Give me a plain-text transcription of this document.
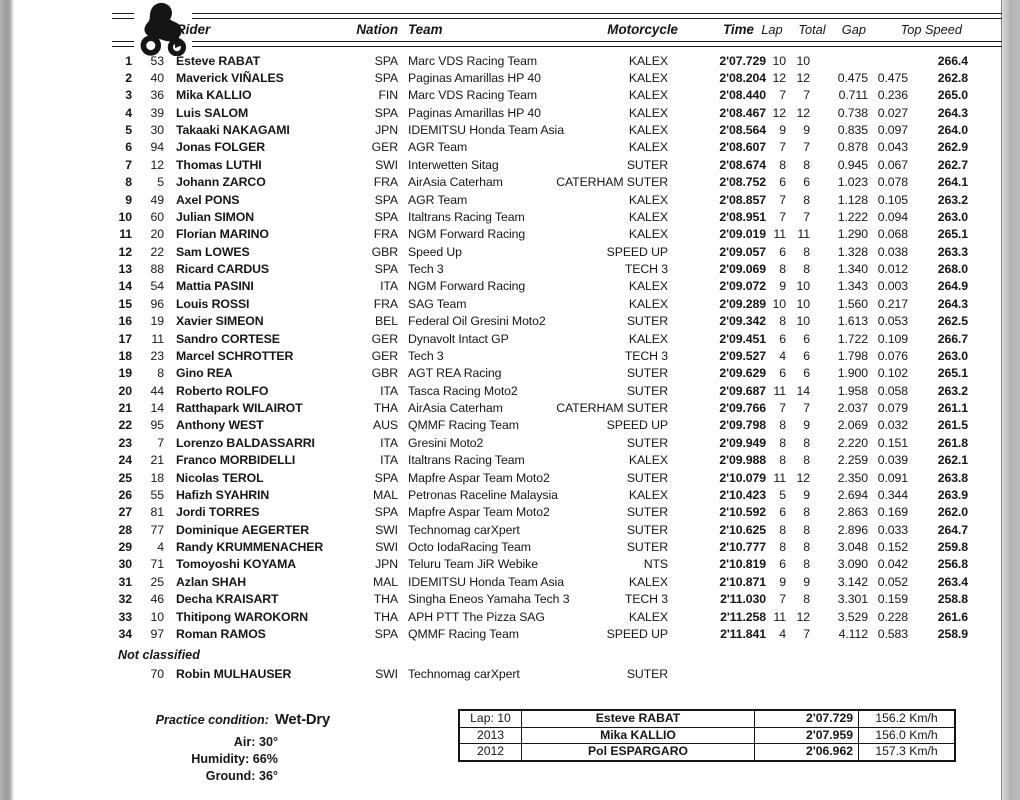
Rider	Nation Team	Motorcycle	Time Lap	Total	Gap	Top Speed
1	53 Esteve RABAT	SPA Marc VDS Racing Team	KALEX	2'07.729 10 10	266.4
2	40 Maverick VIÑALES	SPA Paginas Amarillas HP 40	KALEX	2'08.204 12 12	0.475 0.475	262.8
3	36 Mika KALLIO	FIN Marc VDS Racing Team	KALEX	2'08.440	7	7	0.711 0.236	265.0
4	39 Luis SALOM	SPA Paginas Amarillas HP 40	KALEX	2'08.467 12 12	0.738 0.027	264.3
5	30 Takaaki NAKAGAMI	JPN IDEMITSU Honda Team Asia	KALEX	2'08.564	9	9	0.835 0.097	264.0
6	94 Jonas FOLGER	GER AGR Team	KALEX	2'08.607	7	7	0.878 0.043	262.9
7	12 Thomas LUTHI	SWI Interwetten Sitag	SUTER	2'08.674	8	8	0.945 0.067	262.7
8	5 Johann ZARCO	FRA AirAsia Caterham	CATERHAM SUTER	2'08.752	6	6	1.023 0.078	264.1
9	49 Axel PONS	SPA AGR Team	KALEX	2'08.857	7	8	1.128 0.105	263.2
10	60 Julian SIMON	SPA Italtrans Racing Team	KALEX	2'08.951	7	7	1.222 0.094	263.0
11	20 Florian MARINO	FRA NGM Forward Racing	KALEX	2'09.019 11 11	1.290 0.068	265.1
12	22 Sam LOWES	GBR Speed Up	SPEED UP	2'09.057	6	8	1.328 0.038	263.3
13	88 Ricard CARDUS	SPA Tech 3	TECH 3	2'09.069	8	8	1.340 0.012	268.0
14	54 Mattia PASINI	ITA NGM Forward Racing	KALEX	2'09.072	9 10	1.343 0.003	264.9
15	96 Louis ROSSI	FRA SAG Team	KALEX	2'09.289 10 10	1.560 0.217	264.3
16	19 Xavier SIMEON	BEL Federal Oil Gresini Moto2	SUTER	2'09.342	8 10	1.613 0.053	262.5
17	11 Sandro CORTESE	GER Dynavolt Intact GP	KALEX	2'09.451	6	6	1.722 0.109	266.7
18	23 Marcel SCHROTTER	GER Tech 3	TECH 3	2'09.527	4	6	1.798 0.076	263.0
19	8 Gino REA	GBR AGT REA Racing	SUTER	2'09.629	6	6	1.900 0.102	265.1
20	44 Roberto ROLFO	ITA Tasca Racing Moto2	SUTER	2'09.687 11 14	1.958 0.058	263.2
21	14 Ratthapark WILAIROT	THA AirAsia Caterham	CATERHAM SUTER	2'09.766	7	7	2.037 0.079	261.1
22	95 Anthony WEST	AUS QMMF Racing Team	SPEED UP	2'09.798	8	9	2.069 0.032	261.5
23	7 Lorenzo BALDASSARRI	ITA Gresini Moto2	SUTER	2'09.949	8	8	2.220 0.151	261.8
24	21 Franco MORBIDELLI	ITA Italtrans Racing Team	KALEX	2'09.988	8	8	2.259 0.039	262.1
25	18 Nicolas TEROL	SPA Mapfre Aspar Team Moto2	SUTER	2'10.079 11 12	2.350 0.091	263.8
26	55 Hafizh SYAHRIN	MAL Petronas Raceline Malaysia	KALEX	2'10.423	5	9	2.694 0.344	263.9
27	81 Jordi TORRES	SPA Mapfre Aspar Team Moto2	SUTER	2'10.592	6	8	2.863 0.169	262.0
28	77 Dominique AEGERTER	SWI Technomag carXpert	SUTER	2'10.625	8	8	2.896 0.033	264.7
29	4 Randy KRUMMENACHER	SWI Octo IodaRacing Team	SUTER	2'10.777	8	8	3.048 0.152	259.8
30	71 Tomoyoshi KOYAMA	JPN Teluru Team JiR Webike	NTS	2'10.819	6	8	3.090 0.042	256.8
31	25 Azlan SHAH	MAL IDEMITSU Honda Team Asia	KALEX	2'10.871	9	9	3.142 0.052	263.4
32	46 Decha KRAISART	THA Singha Eneos Yamaha Tech 3	TECH 3	2'11.030	7	8	3.301 0.159	258.8
33	10 Thitipong WAROKORN	THA APH PTT The Pizza SAG	KALEX	2'11.258 11 12	3.529 0.228	261.6
34	97 Roman RAMOS	SPA QMMF Racing Team	SPEED UP	2'11.841	4	7	4.112 0.583	258.9
Not classified
70 Robin MULHAUSER	SWI Technomag carXpert	SUTER
Practice condition: Wet-Dry
Air: 30°
Humidity: 66%
Ground: 36°
Lap: 10	Esteve RABAT	2'07.729	156.2 Km/h
2013	Mika KALLIO	2'07.959	156.0 Km/h
2012	Pol ESPARGARO	2'06.962	157.3 Km/h
